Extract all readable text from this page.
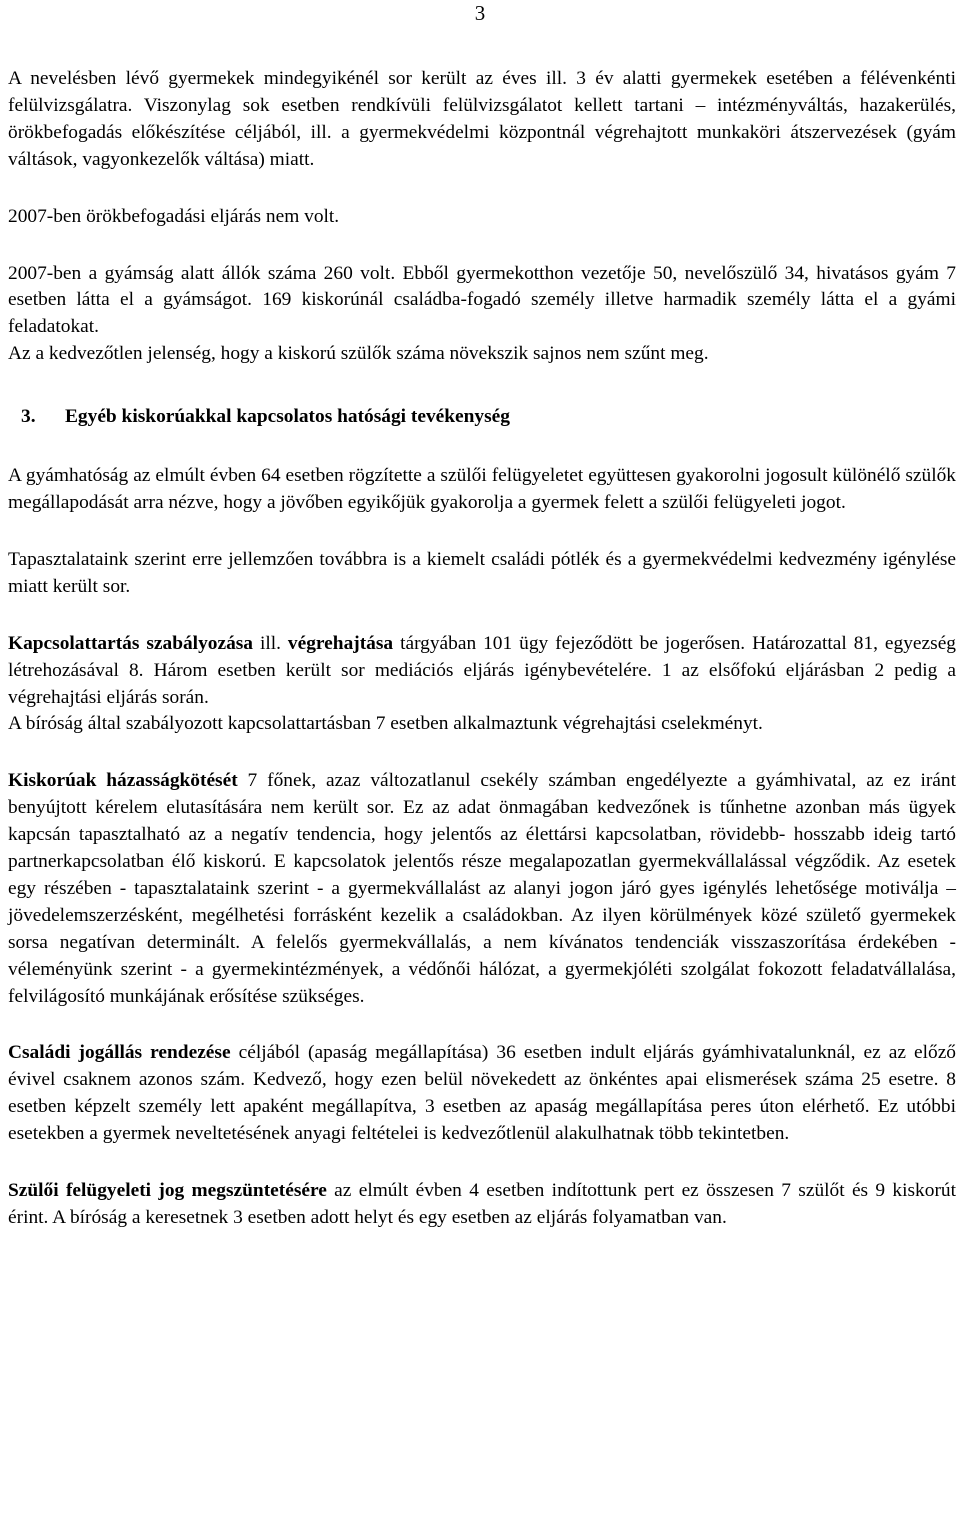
3

A nevelésben lévő gyermekek mindegyikénél sor került az éves ill. 3 év alatti gyermekek esetében a félévenkénti felülvizsgálatra. Viszonylag sok esetben rendkívüli felülvizsgálatot kellett tartani – intézményváltás, hazakerülés, örökbefogadás előkészítése céljából, ill. a gyermekvédelmi központnál végrehajtott munkaköri átszervezések (gyám váltások, vagyonkezelők váltása) miatt.

2007-ben örökbefogadási eljárás nem volt.

2007-ben a gyámság alatt állók száma 260 volt. Ebből gyermekotthon vezetője 50, nevelőszülő 34, hivatásos gyám 7 esetben látta el a gyámságot. 169 kiskorúnál családba-fogadó személy illetve harmadik személy látta el a gyámi feladatokat.

Az a kedvezőtlen jelenség, hogy a kiskorú szülők száma növekszik sajnos nem szűnt meg.

3. Egyéb kiskorúakkal kapcsolatos hatósági tevékenység

A gyámhatóság az elmúlt évben 64 esetben rögzítette a szülői felügyeletet együttesen gyakorolni jogosult különélő szülők megállapodását arra nézve, hogy a jövőben egyikőjük gyakorolja a gyermek felett a szülői felügyeleti jogot.

Tapasztalataink szerint erre jellemzően továbbra is a kiemelt családi pótlék és a gyermekvédelmi kedvezmény igénylése miatt került sor.

Kapcsolattartás szabályozása ill. végrehajtása tárgyában 101 ügy fejeződött be jogerősen. Határozattal 81, egyezség létrehozásával 8. Három esetben került sor mediációs eljárás igénybevételére. 1 az elsőfokú eljárásban 2 pedig a végrehajtási eljárás során.

A bíróság által szabályozott kapcsolattartásban 7 esetben alkalmaztunk végrehajtási cselekményt.

Kiskorúak házasságkötését 7 főnek, azaz változatlanul csekély számban engedélyezte a gyámhivatal, az ez iránt benyújtott kérelem elutasítására nem került sor. Ez az adat önmagában kedvezőnek is tűnhetne azonban más ügyek kapcsán tapasztalható az a negatív tendencia, hogy jelentős az élettársi kapcsolatban, rövidebb- hosszabb ideig tartó partnerkapcsolatban élő kiskorú. E kapcsolatok jelentős része megalapozatlan gyermekvállalással végződik. Az esetek egy részében - tapasztalataink szerint - a gyermekvállalást az alanyi jogon járó gyes igénylés lehetősége motiválja – jövedelemszerzésként, megélhetési forrásként kezelik a családokban. Az ilyen körülmények közé születő gyermekek sorsa negatívan determinált. A felelős gyermekvállalás, a nem kívánatos tendenciák visszaszorítása érdekében - véleményünk szerint - a gyermekintézmények, a védőnői hálózat, a gyermekjóléti szolgálat fokozott feladatvállalása, felvilágosító munkájának erősítése szükséges.

Családi jogállás rendezése céljából (apaság megállapítása) 36 esetben indult eljárás gyámhivatalunknál, ez az előző évivel csaknem azonos szám. Kedvező, hogy ezen belül növekedett az önkéntes apai elismerések száma 25 esetre. 8 esetben képzelt személy lett apaként megállapítva, 3 esetben az apaság megállapítása peres úton elérhető. Ez utóbbi esetekben a gyermek neveltetésének anyagi feltételei is kedvezőtlenül alakulhatnak több tekintetben.

Szülői felügyeleti jog megszüntetésére az elmúlt évben 4 esetben indítottunk pert ez összesen 7 szülőt és 9 kiskorút érint. A bíróság a keresetnek 3 esetben adott helyt és egy esetben az eljárás folyamatban van.
